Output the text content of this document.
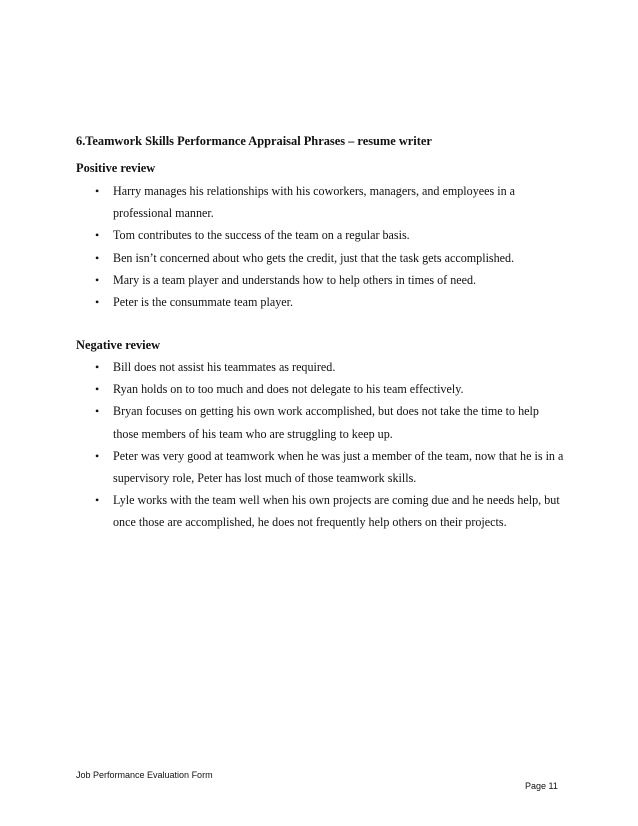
6.Teamwork Skills Performance Appraisal Phrases – resume writer
Positive review
• Harry manages his relationships with his coworkers, managers, and employees in a professional manner.
• Tom contributes to the success of the team on a regular basis.
• Ben isn’t concerned about who gets the credit, just that the task gets accomplished.
• Mary is a team player and understands how to help others in times of need.
• Peter is the consummate team player.
Negative review
• Bill does not assist his teammates as required.
• Ryan holds on to too much and does not delegate to his team effectively.
• Bryan focuses on getting his own work accomplished, but does not take the time to help those members of his team who are struggling to keep up.
• Peter was very good at teamwork when he was just a member of the team, now that he is in a supervisory role, Peter has lost much of those teamwork skills.
• Lyle works with the team well when his own projects are coming due and he needs help, but once those are accomplished, he does not frequently help others on their projects.
Job Performance Evaluation Form
Page 11
